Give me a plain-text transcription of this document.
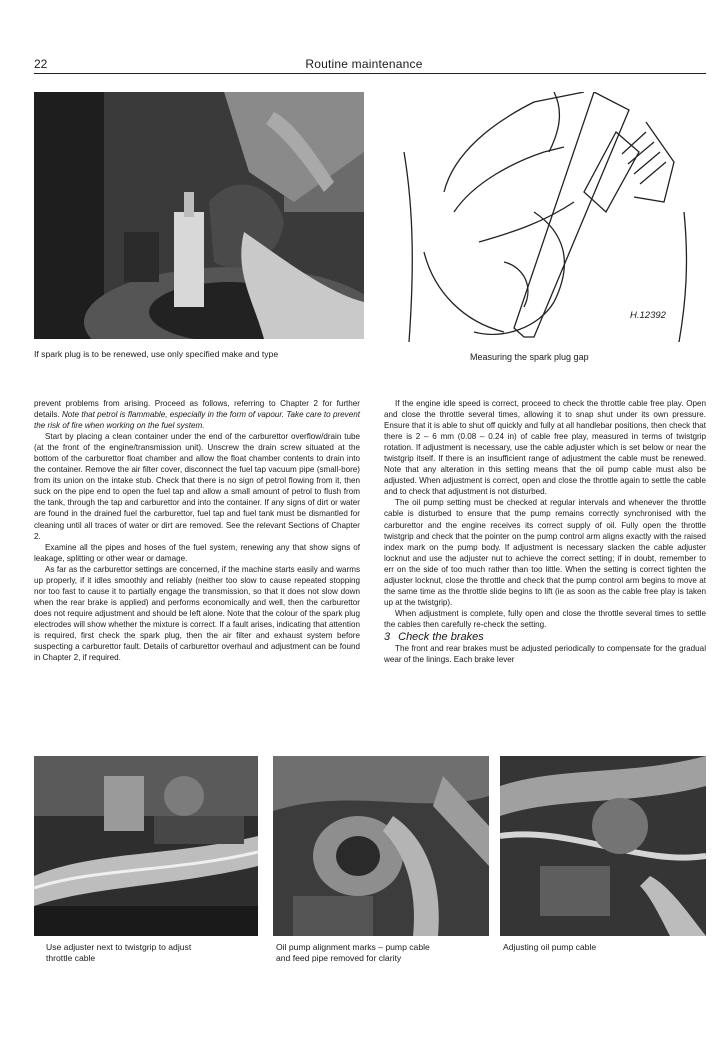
22	Routine maintenance
If spark plug is to be renewed, use only specified make and type
H.12392
Measuring the spark plug gap

prevent problems from arising. Proceed as follows, referring to Chapter 2 for further details. Note that petrol is flammable, especially in the form of vapour. Take care to prevent the risk of fire when working on the fuel system.

Start by placing a clean container under the end of the carburettor overflow/drain tube (at the front of the engine/transmission unit). Unscrew the drain screw situated at the bottom of the carburettor float chamber and allow the float chamber contents to drain into the container. Remove the air filter cover, disconnect the fuel tap vacuum pipe (small-bore) from its union on the intake stub. Check that there is no sign of petrol flowing from it, then suck on the pipe end to open the fuel tap and allow a small amount of petrol to flush from the tank, through the tap and carburettor and into the container. If any signs of dirt or water are found in the drained fuel the carburettor, fuel tap and fuel tank must be dismantled for cleaning until all traces of water or dirt are removed. See the relevant Sections of Chapter 2.

Examine all the pipes and hoses of the fuel system, renewing any that show signs of leakage, splitting or other wear or damage.

As far as the carburettor settings are concerned, if the machine starts easily and warms up properly, if it idles smoothly and reliably (neither too slow to cause repeated stopping nor too fast to cause it to partially engage the transmission, so that it does not slow down when the rear brake is applied) and performs economically and well, then the carburettor does not require adjustment and should be left alone. Note that the colour of the spark plug electrodes will show whether the mixture is correct. If a fault arises, indicating that attention is required, first check the spark plug, then the air filter and exhaust system before suspecting a carburettor fault. Details of carburettor overhaul and adjustment can be found in Chapter 2, if required.

If the engine idle speed is correct, proceed to check the throttle cable free play. Open and close the throttle several times, allowing it to snap shut under its own pressure. Ensure that it is able to shut off quickly and fully at all handlebar positions, then check that there is 2 – 6 mm (0.08 – 0.24 in) of cable free play, measured in terms of twistgrip rotation. If adjustment is necessary, use the cable adjuster which is set below or near the twistgrip itself. If there is an insufficient range of adjustment the cable must be renewed. Note that any alteration in this setting means that the oil pump cable must also be adjusted. When adjustment is correct, open and close the throttle again to settle the cable and to check that adjustment is not disturbed.

The oil pump setting must be checked at regular intervals and whenever the throttle cable is disturbed to ensure that the pump remains correctly synchronised with the carburettor and the engine receives its correct supply of oil. Fully open the throttle twistgrip and check that the pointer on the pump control arm aligns exactly with the raised index mark on the pump body. If adjustment is necessary slacken the cable adjuster locknut and use the adjuster nut to achieve the correct setting; if in doubt, remember to err on the side of too much rather than too little. When the setting is correct tighten the adjuster locknut, close the throttle and check that the pump control arm begins to move at the same time as the throttle slide begins to lift (ie as soon as the cable free play is taken up at the twistgrip).

When adjustment is complete, fully open and close the throttle several times to settle the cables then carefully re-check the setting.

3 Check the brakes

The front and rear brakes must be adjusted periodically to compensate for the gradual wear of the linings. Each brake lever

Use adjuster next to twistgrip to adjust
throttle cable
Oil pump alignment marks – pump cable
and feed pipe removed for clarity
Adjusting oil pump cable
